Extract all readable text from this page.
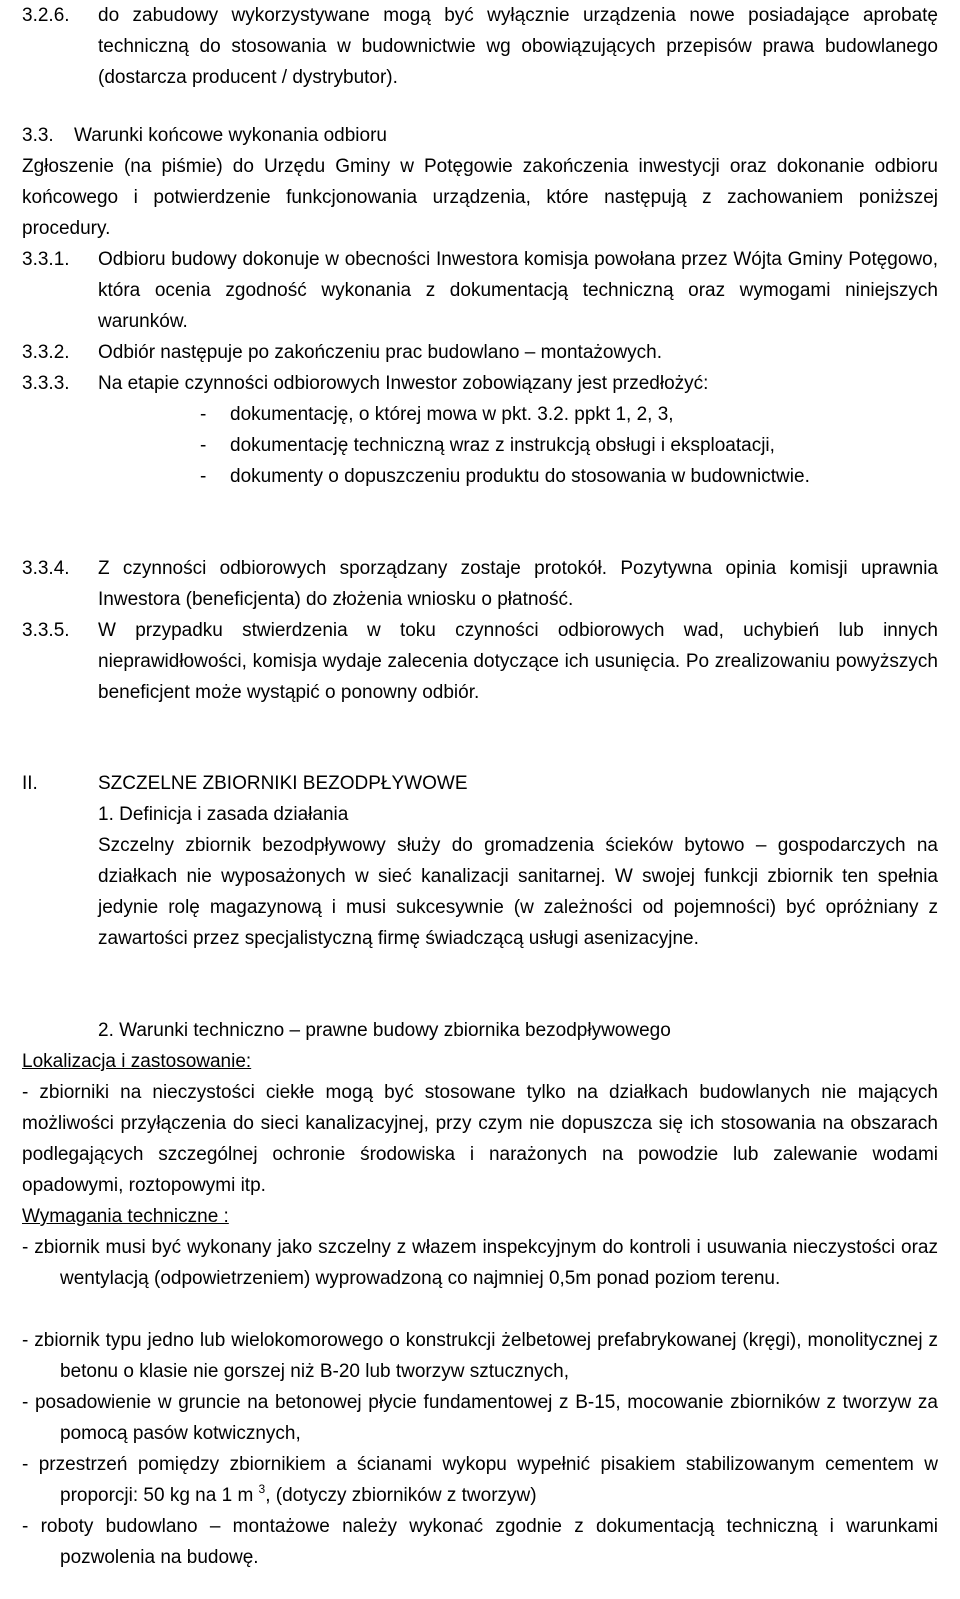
3.2.6. do zabudowy wykorzystywane mogą być wyłącznie urządzenia nowe posiadające aprobatę techniczną do stosowania w budownictwie wg obowiązujących przepisów prawa budowlanego (dostarcza producent / dystrybutor).
3.3. Warunki końcowe wykonania odbioru
Zgłoszenie (na piśmie) do Urzędu Gminy w Potęgowie zakończenia inwestycji oraz dokonanie odbioru końcowego i potwierdzenie funkcjonowania urządzenia, które następują z zachowaniem poniższej procedury.
3.3.1. Odbioru budowy dokonuje w obecności Inwestora komisja powołana przez Wójta Gminy Potęgowo, która ocenia zgodność wykonania z dokumentacją techniczną oraz wymogami niniejszych warunków.
3.3.2. Odbiór następuje po zakończeniu prac budowlano – montażowych.
3.3.3. Na etapie czynności odbiorowych Inwestor zobowiązany jest przedłożyć:
- dokumentację, o której mowa w pkt. 3.2. ppkt 1, 2, 3,
- dokumentację techniczną wraz z instrukcją obsługi i eksploatacji,
- dokumenty o dopuszczeniu produktu do stosowania w budownictwie.
3.3.4. Z czynności odbiorowych sporządzany zostaje protokół. Pozytywna opinia komisji uprawnia Inwestora (beneficjenta) do złożenia wniosku o płatność.
3.3.5. W przypadku stwierdzenia w toku czynności odbiorowych wad, uchybień lub innych nieprawidłowości, komisja wydaje zalecenia dotyczące ich usunięcia. Po zrealizowaniu powyższych beneficjent może wystąpić o ponowny odbiór.
II.	SZCZELNE ZBIORNIKI BEZODPŁYWOWE
1. Definicja i zasada działania
Szczelny zbiornik bezodpływowy służy do gromadzenia ścieków bytowo – gospodarczych na działkach nie wyposażonych w sieć kanalizacji sanitarnej. W swojej funkcji zbiornik ten spełnia jedynie rolę magazynową i musi sukcesywnie (w zależności od pojemności) być opróżniany z zawartości przez specjalistyczną firmę świadczącą usługi asenizacyjne.
2. Warunki techniczno – prawne budowy zbiornika bezodpływowego
Lokalizacja i zastosowanie:
- zbiorniki na nieczystości ciekłe mogą być stosowane tylko na działkach budowlanych nie mających możliwości przyłączenia do sieci kanalizacyjnej, przy czym nie dopuszcza się ich stosowania na obszarach podlegających szczególnej ochronie środowiska i narażonych na powodzie lub zalewanie wodami opadowymi, roztopowymi itp.
Wymagania techniczne :
- zbiornik musi być wykonany jako szczelny z włazem inspekcyjnym do kontroli i usuwania nieczystości oraz wentylacją (odpowietrzeniem) wyprowadzoną co najmniej 0,5m ponad poziom terenu.
- zbiornik typu jedno lub wielokomorowego o konstrukcji żelbetowej prefabrykowanej (kręgi), monolitycznej z betonu o klasie nie gorszej niż B-20 lub tworzyw sztucznych,
- posadowienie w gruncie na betonowej płycie fundamentowej z B-15, mocowanie zbiorników z tworzyw za pomocą pasów kotwicznych,
- przestrzeń pomiędzy zbiornikiem a ścianami wykopu wypełnić pisakiem stabilizowanym cementem w proporcji: 50 kg na 1 m $^3$, (dotyczy zbiorników z tworzyw)
- roboty budowlano – montażowe należy wykonać zgodnie z dokumentacją techniczną i warunkami pozwolenia na budowę.
